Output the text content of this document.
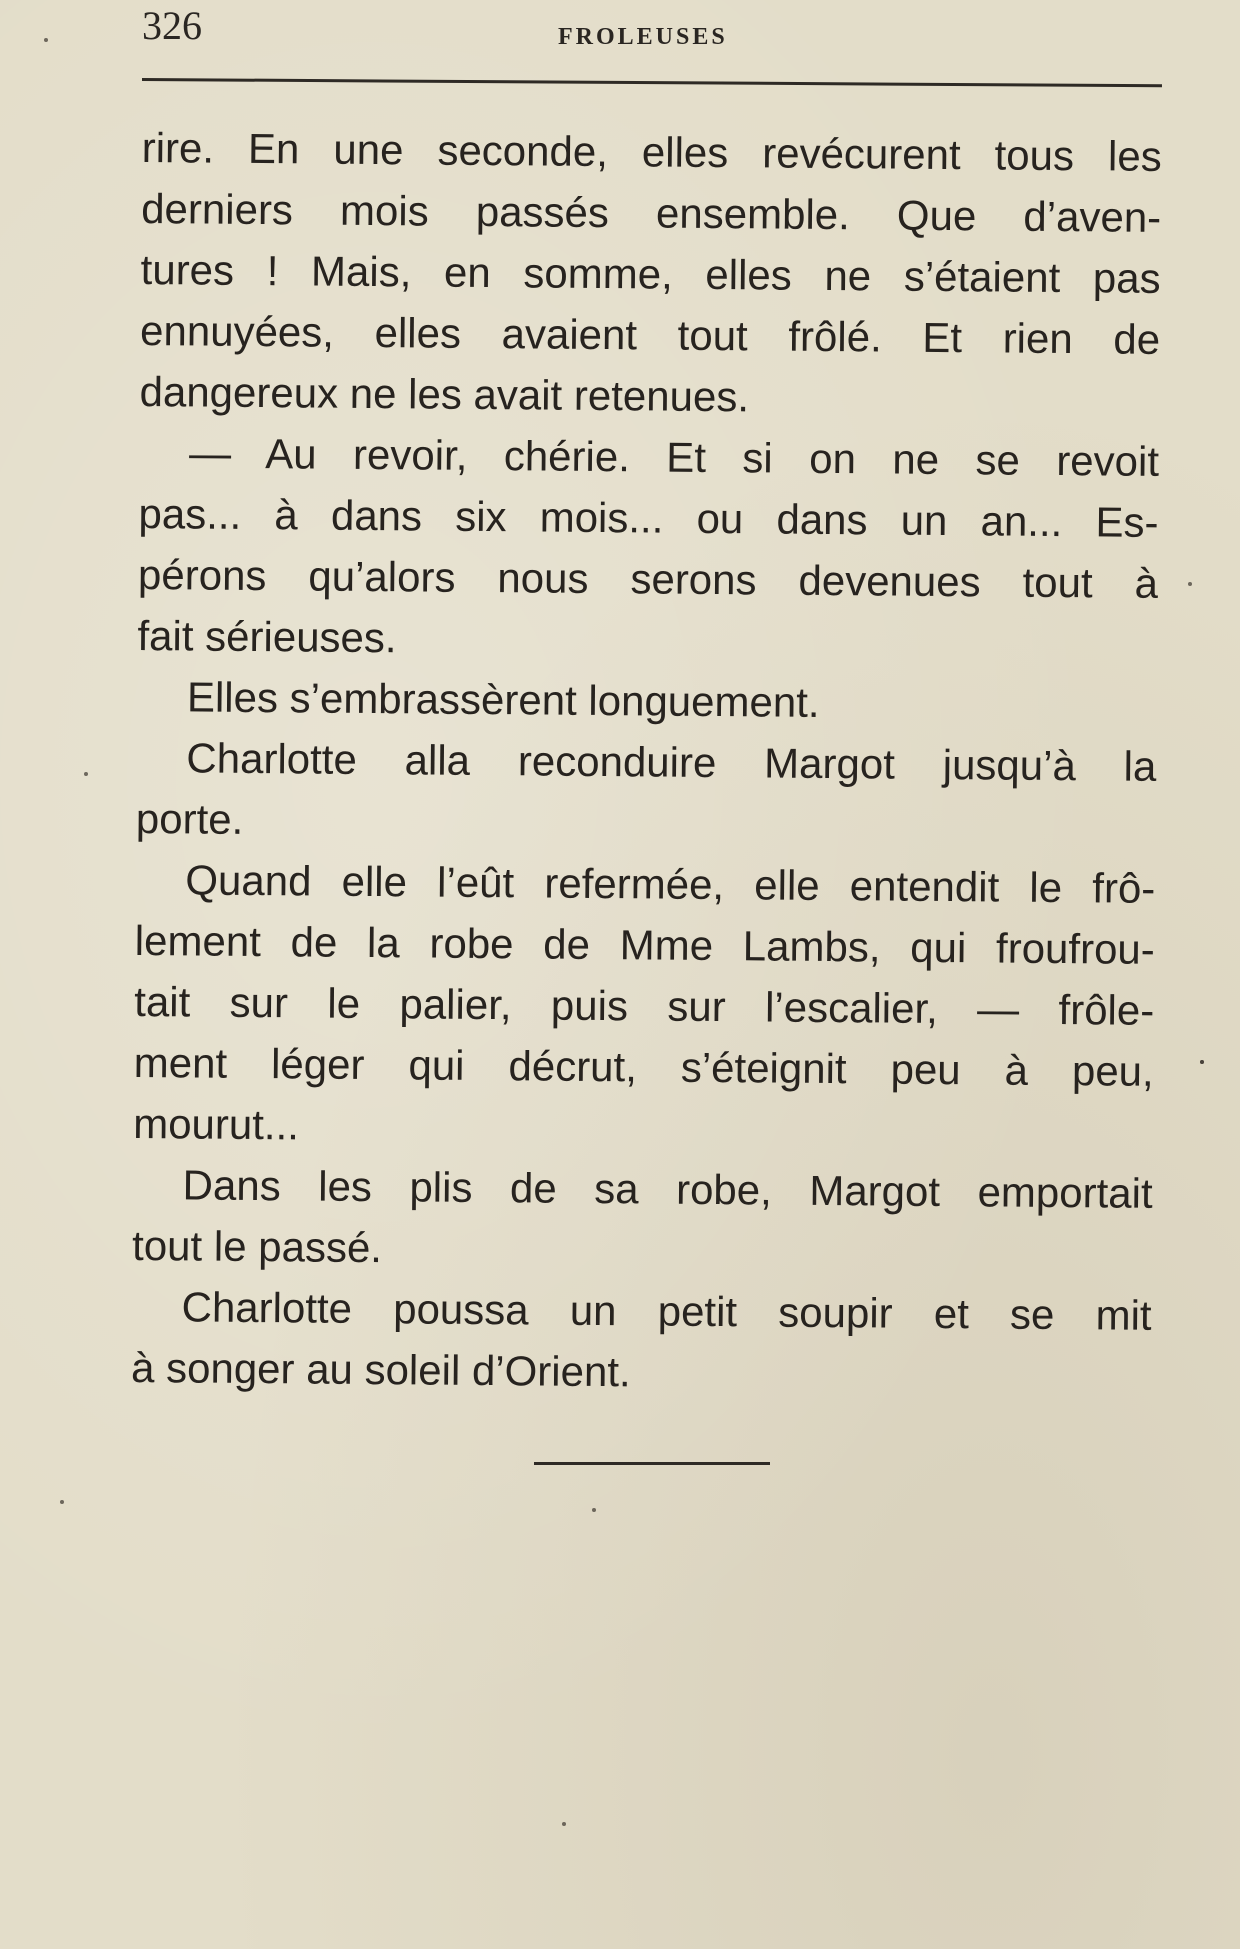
326	FROLEUSES
rire. En une seconde, elles revécurent tous les
derniers mois passés ensemble. Que d’aven-
tures ! Mais, en somme, elles ne s’étaient pas
ennuyées, elles avaient tout frôlé. Et rien de
dangereux ne les avait retenues.
— Au revoir, chérie. Et si on ne se revoit
pas... à dans six mois... ou dans un an... Es-
pérons qu’alors nous serons devenues tout à
fait sérieuses.
Elles s’embrassèrent longuement.
Charlotte alla reconduire Margot jusqu’à la
porte.
Quand elle l’eût refermée, elle entendit le frô-
lement de la robe de Mme Lambs, qui froufrou-
tait sur le palier, puis sur l’escalier, — frôle-
ment léger qui décrut, s’éteignit peu à peu,
mourut...
Dans les plis de sa robe, Margot emportait
tout le passé.
Charlotte poussa un petit soupir et se mit
à songer au soleil d’Orient.
